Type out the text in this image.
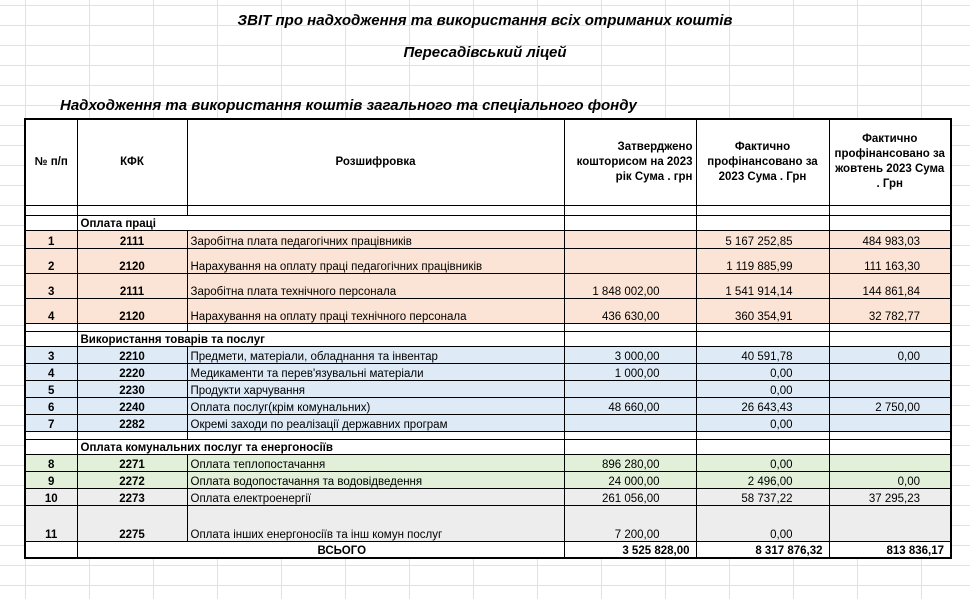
ЗВІТ про надходження та використання всіх отриманих коштів
Пересадівський ліцей
Надходження та використання коштів загального та спеціального фонду
№ п/п	КФК	Розшифровка	Затверджено кошторисом на 2023 рік Сума . грн	Фактично профінансовано за 2023 Сума . Грн	Фактично профінансовано за жовтень 2023 Сума . Грн

	Оплата праці				
1	2111	Заробітна плата педагогічних працівників		5 167 252,85	484 983,03
2	2120	Нарахування на оплату праці педагогічних працівників		1 119 885,99	111 163,30
3	2111	Заробітна плата технічного персонала	1 848 002,00	1 541 914,14	144 861,84
4	2120	Нарахування на оплату праці технічного персонала	436 630,00	360 354,91	32 782,77

	Використання товарів та послуг				
3	2210	Предмети, матеріали, обладнання та інвентар	3 000,00	40 591,78	0,00
4	2220	Медикаменти та перев'язувальні матеріали	1 000,00	0,00	
5	2230	Продукти харчування		0,00	
6	2240	Оплата послуг(крім комунальних)	48 660,00	26 643,43	2 750,00
7	2282	Окремі заходи по реалізації державних програм		0,00	

	Оплата комунальних послуг та енергоносіїв				
8	2271	Оплата теплопостачання	896 280,00	0,00	
9	2272	Оплата водопостачання та водовідведення	24 000,00	2 496,00	0,00
10	2273	Оплата електроенергії	261 056,00	58 737,22	37 295,23
11	2275	Оплата інших енергоносіїв та інш комун послуг	7 200,00	0,00	
	ВСЬОГО		3 525 828,00	8 317 876,32	813 836,17
